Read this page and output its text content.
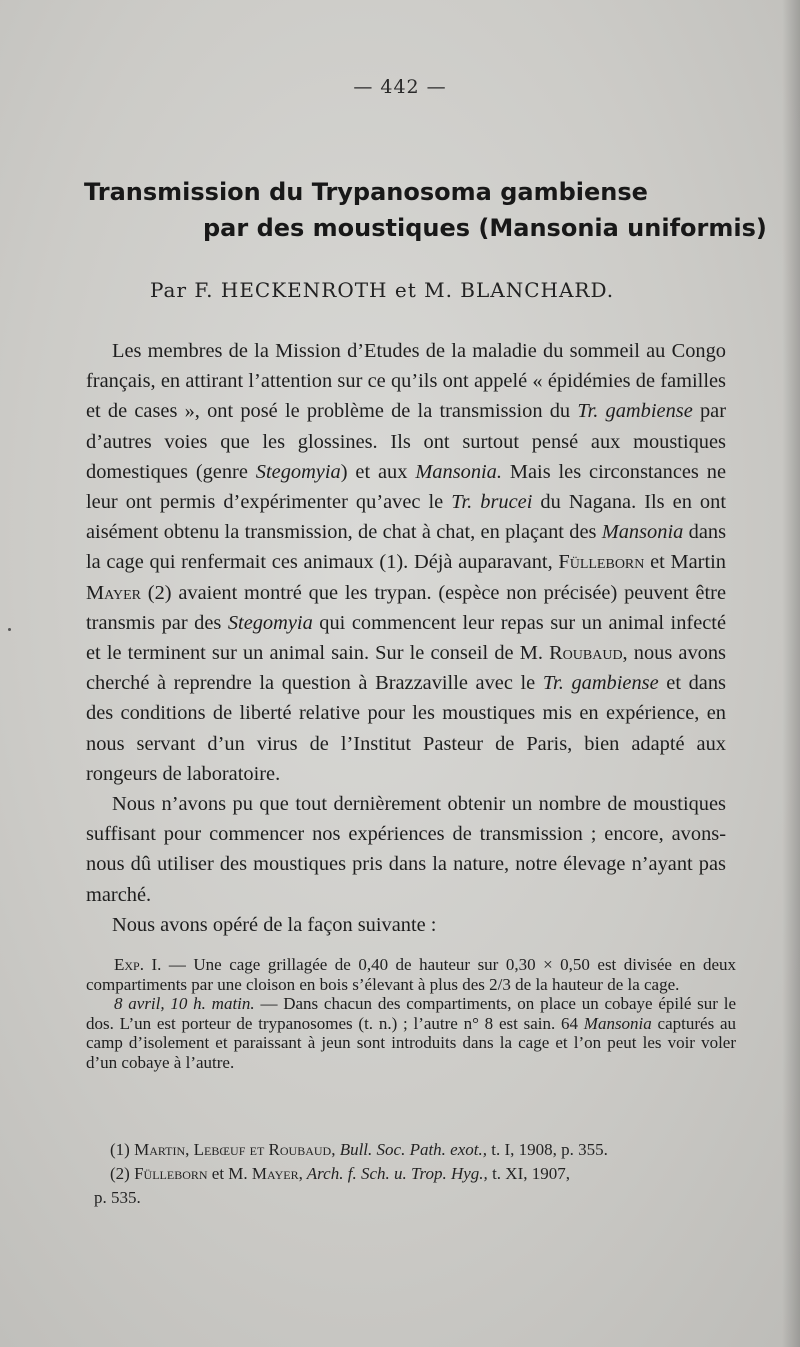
— 442 —
Transmission du Trypanosoma gambiense
par des moustiques (Mansonia uniformis)
Par F. HECKENROTH et M. BLANCHARD.

Les membres de la Mission d’Etudes de la maladie du sommeil au Congo français, en attirant l’attention sur ce qu’ils ont appelé « épidémies de familles et de cases », ont posé le problème de la transmission du Tr. gambiense par d’autres voies que les glossines. Ils ont surtout pensé aux moustiques domestiques (genre Stegomyia) et aux Mansonia. Mais les circonstances ne leur ont permis d’expérimenter qu’avec le Tr. brucei du Nagana. Ils en ont aisément obtenu la transmission, de chat à chat, en plaçant des Mansonia dans la cage qui renfermait ces animaux (1). Déjà auparavant, Fülleborn et Martin Mayer (2) avaient montré que les trypan. (espèce non précisée) peuvent être transmis par des Stegomyia qui commencent leur repas sur un animal infecté et le terminent sur un animal sain. Sur le conseil de M. Roubaud, nous avons cherché à reprendre la question à Brazzaville avec le Tr. gambiense et dans des conditions de liberté relative pour les moustiques mis en expérience, en nous servant d’un virus de l’Institut Pasteur de Paris, bien adapté aux rongeurs de laboratoire.

Nous n’avons pu que tout dernièrement obtenir un nombre de moustiques suffisant pour commencer nos expériences de transmission ; encore, avons-nous dû utiliser des moustiques pris dans la nature, notre élevage n’ayant pas marché.

Nous avons opéré de la façon suivante :

Exp. I. — Une cage grillagée de 0,40 de hauteur sur 0,30 × 0,50 est divisée en deux compartiments par une cloison en bois s’élevant à plus des 2/3 de la hauteur de la cage.

8 avril, 10 h. matin. — Dans chacun des compartiments, on place un cobaye épilé sur le dos. L’un est porteur de trypanosomes (t. n.) ; l’autre n° 8 est sain. 64 Mansonia capturés au camp d’isolement et paraissant à jeun sont introduits dans la cage et l’on peut les voir voler d’un cobaye à l’autre.

(1) Martin, Lebœuf et Roubaud, Bull. Soc. Path. exot., t. I, 1908, p. 355.

(2) Fülleborn et M. Mayer, Arch. f. Sch. u. Trop. Hyg., t. XI, 1907,

p. 535.
